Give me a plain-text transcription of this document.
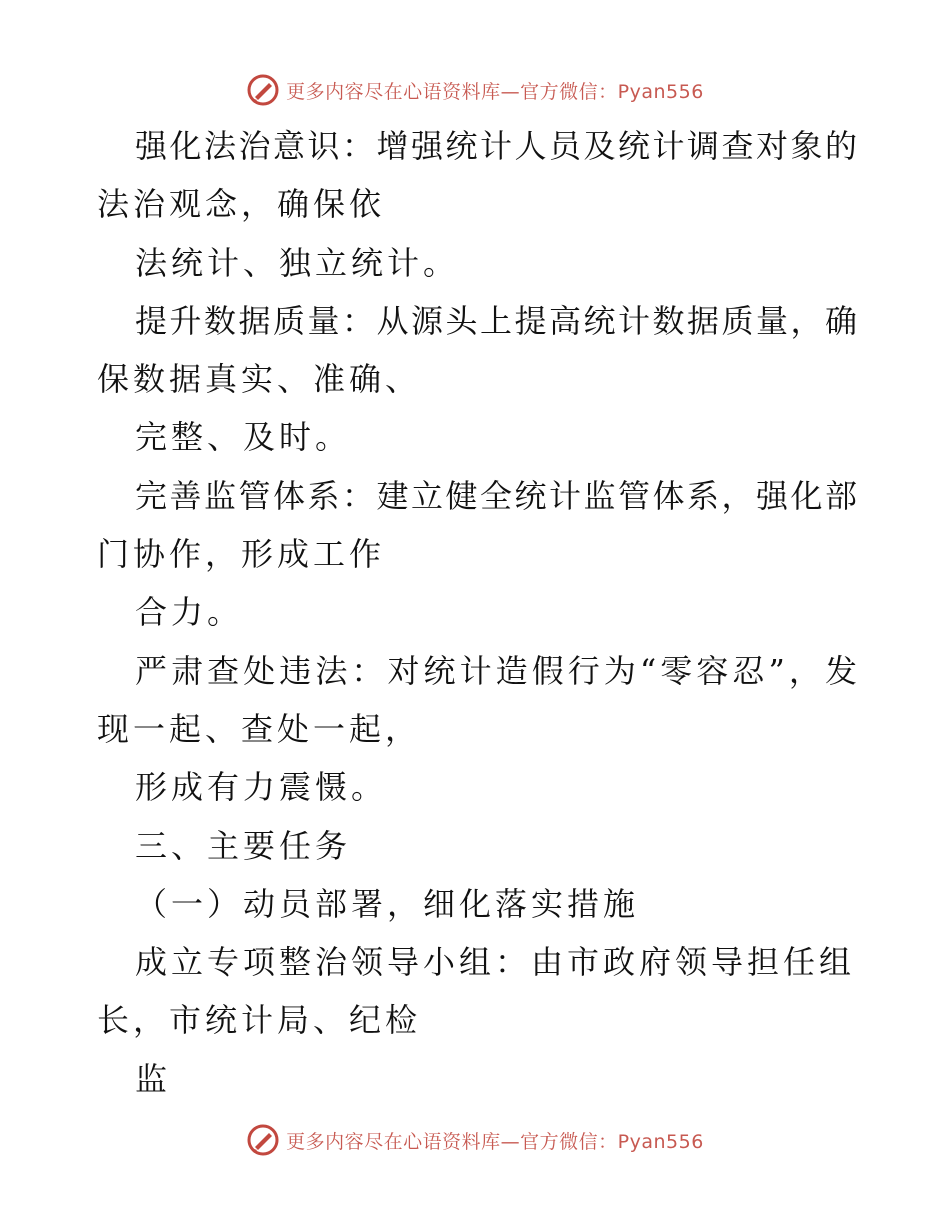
更多内容尽在心语资料库—官方微信：Pyan556
强化法治意识：增强统计人员及统计调查对象的
法治观念，确保依
法统计、独立统计。
提升数据质量：从源头上提高统计数据质量，确
保数据真实、准确、
完整、及时。
完善监管体系：建立健全统计监管体系，强化部
门协作，形成工作
合力。
严肃查处违法：对统计造假行为“零容忍”，发
现一起、查处一起，
形成有力震慑。
三、主要任务
（一）动员部署，细化落实措施
成立专项整治领导小组：由市政府领导担任组
长，市统计局、纪检
监
更多内容尽在心语资料库—官方微信：Pyan556
